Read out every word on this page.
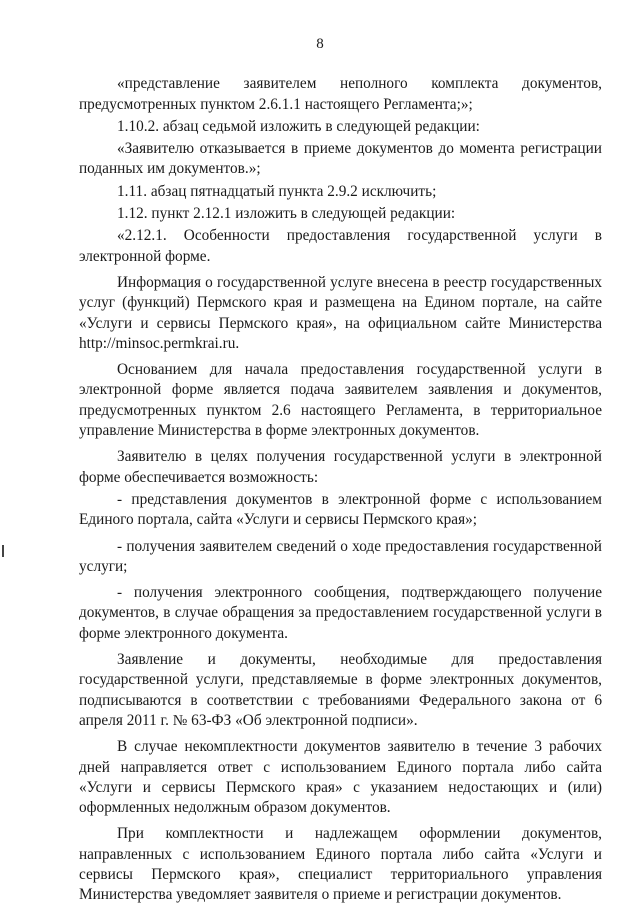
8

«представление заявителем неполного комплекта документов, предусмотренных пунктом 2.6.1.1 настоящего Регламента;»;

1.10.2. абзац седьмой изложить в следующей редакции:

«Заявителю отказывается в приеме документов до момента регистрации поданных им документов.»;

1.11. абзац пятнадцатый пункта 2.9.2 исключить;

1.12. пункт 2.12.1 изложить в следующей редакции:

«2.12.1. Особенности предоставления государственной услуги в электронной форме.

Информация о государственной услуге внесена в реестр государственных услуг (функций) Пермского края и размещена на Едином портале, на сайте «Услуги и сервисы Пермского края», на официальном сайте Министерства http://minsoc.permkrai.ru.

Основанием для начала предоставления государственной услуги в электронной форме является подача заявителем заявления и документов, предусмотренных пунктом 2.6 настоящего Регламента, в территориальное управление Министерства в форме электронных документов.

Заявителю в целях получения государственной услуги в электронной форме обеспечивается возможность:

- представления документов в электронной форме с использованием Единого портала, сайта «Услуги и сервисы Пермского края»;

- получения заявителем сведений о ходе предоставления государственной услуги;

- получения электронного сообщения, подтверждающего получение документов, в случае обращения за предоставлением государственной услуги в форме электронного документа.

Заявление и документы, необходимые для предоставления государственной услуги, представляемые в форме электронных документов, подписываются в соответствии с требованиями Федерального закона от 6 апреля 2011 г. № 63-ФЗ «Об электронной подписи».

В случае некомплектности документов заявителю в течение 3 рабочих дней направляется ответ с использованием Единого портала либо сайта «Услуги и сервисы Пермского края» с указанием недостающих и (или) оформленных недолжным образом документов.

При комплектности и надлежащем оформлении документов, направленных с использованием Единого портала либо сайта «Услуги и сервисы Пермского края», специалист территориального управления Министерства уведомляет заявителя о приеме и регистрации документов.
